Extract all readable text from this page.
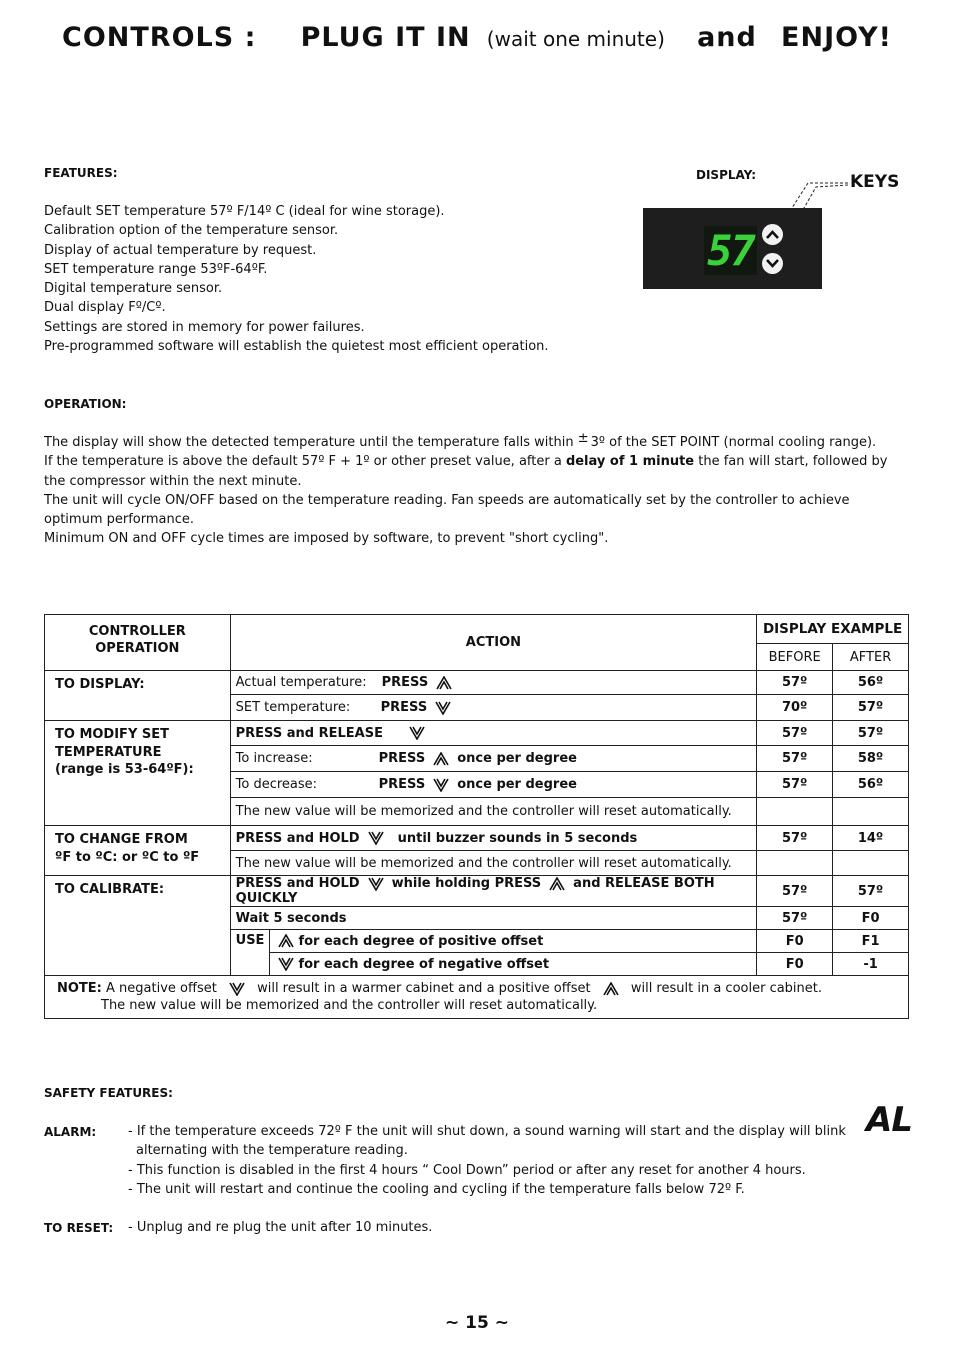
CONTROLS : PLUG IT IN (wait one minute) and ENJOY!
FEATURES:
Default SET temperature 57º F/14º C (ideal for wine storage).
Calibration option of the temperature sensor.
Display of actual temperature by request.
SET temperature range 53ºF-64ºF.
Digital temperature sensor.
Dual display Fº/Cº.
Settings are stored in memory for power failures.
Pre-programmed software will establish the quietest most efficient operation.
DISPLAY:	KEYS
57
OPERATION:
The display will show the detected temperature until the temperature falls within ± 3º of the SET POINT (normal cooling range).
If the temperature is above the default 57º F + 1º or other preset value, after a delay of 1 minute the fan will start, followed by the compressor within the next minute.
The unit will cycle ON/OFF based on the temperature reading. Fan speeds are automatically set by the controller to achieve optimum performance.
Minimum ON and OFF cycle times are imposed by software, to prevent "short cycling".
CONTROLLER
OPERATION	ACTION		DISPLAY EXAMPLE	
			BEFORE	AFTER
TO DISPLAY:	Actual temperature: PRESS		57º	56º
	SET temperature: PRESS		70º	57º

TO MODIFY SET
TEMPERATURE
(range is 53-64ºF):	PRESS and RELEASE		57º	57º
	To increase: PRESS once per degree		57º	58º
	To decrease: PRESS once per degree		57º	56º
	The new value will be memorized and the controller will reset automatically.			

TO CHANGE FROM
ºF to ºC: or ºC to ºF	PRESS and HOLD until buzzer sounds in 5 seconds		57º	14º
	The new value will be memorized and the controller will reset automatically.			
TO CALIBRATE:	PRESS and HOLD while holding PRESS and RELEASE BOTH QUICKLY		57º	57º
	Wait 5 seconds		57º	F0
	USE	for each degree of positive offset	F0	F1
		for each degree of negative offset	F0	-1

NOTE: A negative offset  will result in a warmer cabinet and a positive offset  will result in a cooler cabinet.
The new value will be memorized and the controller will reset automatically.				
SAFETY FEATURES:
ALARM: - If the temperature exceeds 72º F the unit will shut down, a sound warning will start and the display will blink
alternating with the temperature reading.
- This function is disabled in the first 4 hours “ Cool Down” period or after any reset for another 4 hours.
- The unit will restart and continue the cooling and cycling if the temperature falls below 72º F.
AL
TO RESET: - Unplug and re plug the unit after 10 minutes.
~ 15 ~
